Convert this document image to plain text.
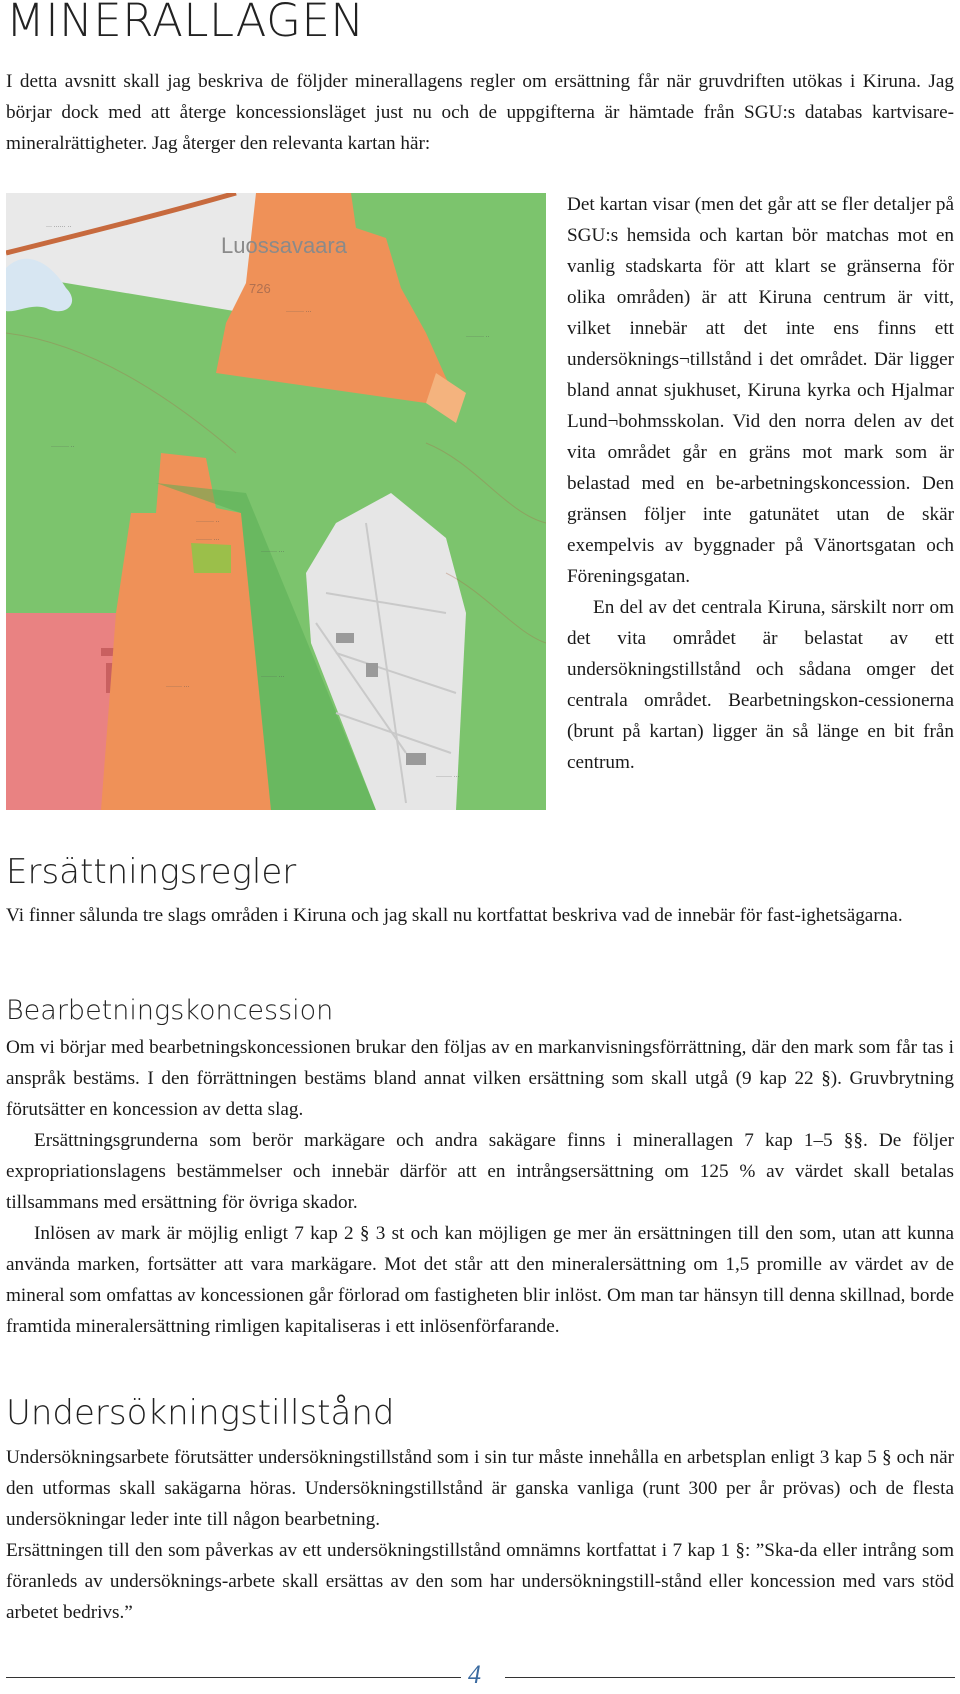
MINERALLAGEN

I detta avsnitt skall jag beskriva de följder minerallagens regler om ersättning får när gruvdriften utökas i Kiruna. Jag börjar dock med att återge koncessionsläget just nu och de uppgifterna är hämtade från SGU:s databas kartvisare-mineralrättigheter. Jag återger den relevanta kartan här:

Luossavaara
726
··· ······ ··
········· ···
········· ··
········· ··
········· ··
········ ···
········ ···
········ ···
········ ···
········ ···

Det kartan visar (men det går att se fler detaljer på SGU:s hemsida och kartan bör matchas mot en vanlig stadskarta för att klart se gränserna för olika områden) är att Kiruna centrum är vitt, vilket innebär att det inte ens finns ett undersöknings¬tillstånd i det området. Där ligger bland annat sjukhuset, Kiruna kyrka och Hjalmar Lund¬bohmsskolan. Vid den norra delen av det vita området går en gräns mot mark som är belastad med en be-arbetningskoncession. Den gränsen följer inte gatunätet utan de skär exempelvis av byggnader på Vänortsgatan och Föreningsgatan.

En del av det centrala Kiruna, särskilt norr om det vita området är belastat av ett undersökningstillstånd och sådana omger det centrala området. Bearbetningskon-cessionerna (brunt på kartan) ligger än så länge en bit från centrum.

Ersättningsregler

Vi finner sålunda tre slags områden i Kiruna och jag skall nu kortfattat beskriva vad de innebär för fast-ighetsägarna.

Bearbetningskoncession

Om vi börjar med bearbetningskoncessionen brukar den följas av en markanvisningsförrättning, där den mark som får tas i anspråk bestäms. I den förrättningen bestäms bland annat vilken ersättning som skall utgå (9 kap 22 §). Gruvbrytning förutsätter en koncession av detta slag.

Ersättningsgrunderna som berör markägare och andra sakägare finns i minerallagen 7 kap 1–5 §§. De följer expropriationslagens bestämmelser och innebär därför att en intrångsersättning om 125 % av värdet skall betalas tillsammans med ersättning för övriga skador.

Inlösen av mark är möjlig enligt 7 kap 2 § 3 st och kan möjligen ge mer än ersättningen till den som, utan att kunna använda marken, fortsätter att vara markägare. Mot det står att den mineralersättning om 1,5 promille av värdet av de mineral som omfattas av koncessionen går förlorad om fastigheten blir inlöst. Om man tar hänsyn till denna skillnad, borde framtida mineralersättning rimligen kapitaliseras i ett inlösenförfarande.

Undersökningstillstånd

Undersökningsarbete förutsätter undersökningstillstånd som i sin tur måste innehålla en arbetsplan enligt 3 kap 5 § och när den utformas skall sakägarna höras. Undersökningstillstånd är ganska vanliga (runt 300 per år prövas) och de flesta undersökningar leder inte till någon bearbetning.

Ersättningen till den som påverkas av ett undersökningstillstånd omnämns kortfattat i 7 kap 1 §: ”Ska-da eller intrång som föranleds av undersöknings-arbete skall ersättas av den som har undersökningstill-stånd eller koncession med vars stöd arbetet bedrivs.”

4
